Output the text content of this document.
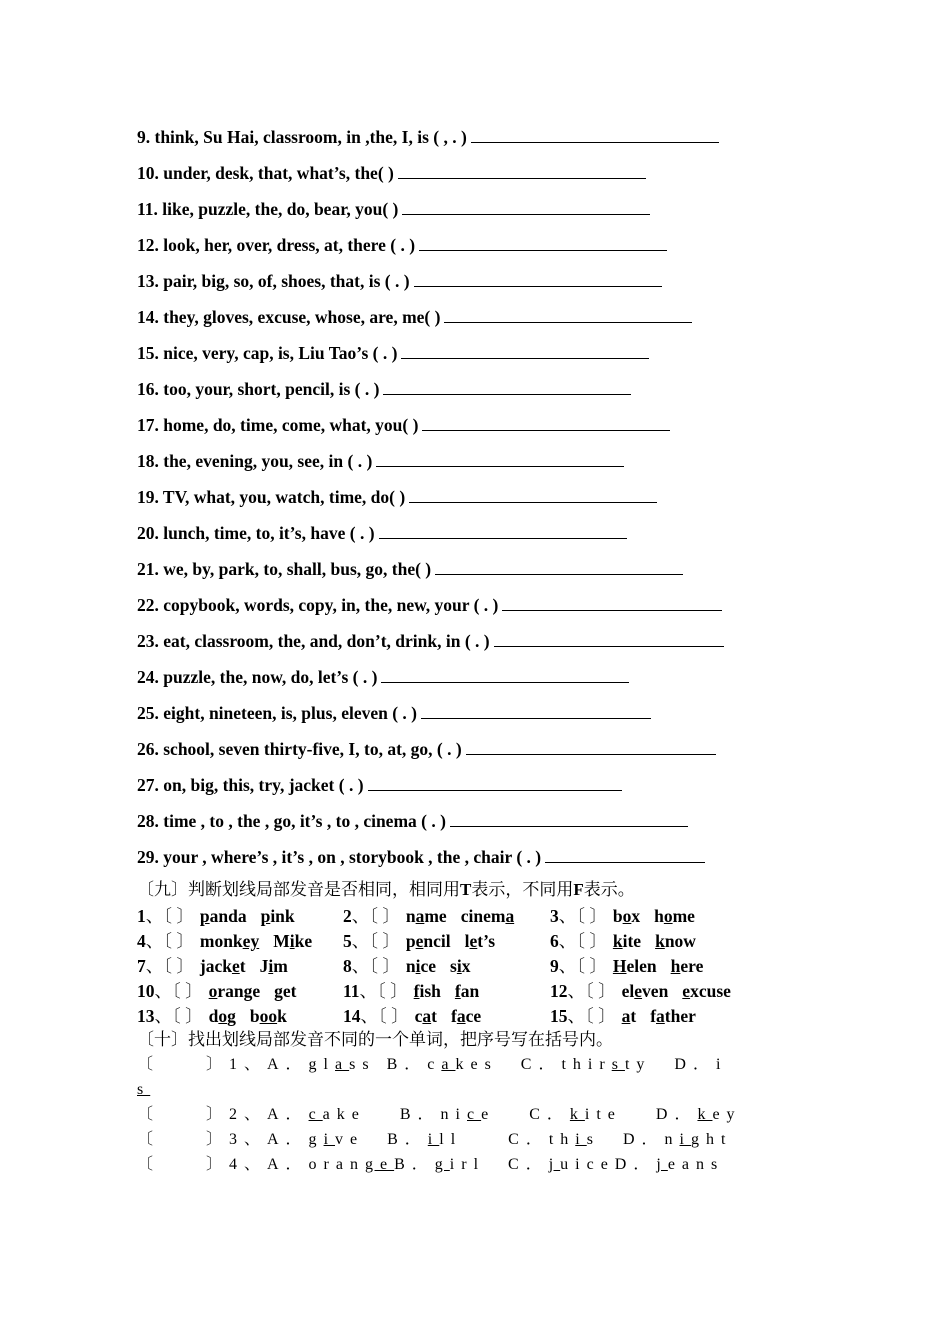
9. think, Su Hai, classroom, in ,the, I, is ( , . )
10. under, desk, that, what’s, the( )
11. like, puzzle, the, do, bear, you( )
12. look, her, over, dress, at, there ( . )
13. pair, big, so, of, shoes, that, is ( . )
14. they, gloves, excuse, whose, are, me( )
15. nice, very, cap, is, Liu Tao’s ( . )
16. too, your, short, pencil, is ( . )
17. home, do, time, come, what, you( )
18. the, evening, you, see, in ( . )
19. TV, what, you, watch, time, do( )
20. lunch, time, to, it’s, have ( . )
21. we, by, park, to, shall, bus, go, the( )
22. copybook, words, copy, in, the, new, your ( . )
23. eat, classroom, the, and, don’t, drink, in ( . )
24. puzzle, the, now, do, let’s ( . )
25. eight, nineteen, is, plus, eleven ( . )
26. school, seven thirty-five, I, to, at, go, ( . )
27. on, big, this, try, jacket ( . )
28. time , to , the , go, it’s , to , cinema ( . )
29. your , where’s , it’s , on , storybook , the , chair ( . )
〔九〕判断划线局部发音是否相同，相同用T表示，不同用F表示。
1、〔 〕 panda pink	2、〔 〕 name cinema 3、〔 〕 box home
4、〔 〕 monkey Mike 5、〔 〕 pencil let’s	6、〔 〕 kite know
7、〔 〕 jacket Jim	8、〔 〕 nice six	9、〔 〕 Helen here
10、〔 〕 orange get	11、〔 〕 fish fan	12、〔 〕 eleven excuse
13、〔 〕 dog book	14、〔 〕 cat face	15、〔 〕 at father
〔十〕找出划线局部发音不同的一个单词，把序号写在括号内。
〔　　〕1、A．glass B．cakes　C．thirsty　D．i
s
〔　　〕2、A．cake　 B．nice　 C．kite　 D．key
〔　　〕3、A．give　B．ill　　C．this　D．night
〔　　〕4、A．orangeB．girl　C．juiceD．jeans
